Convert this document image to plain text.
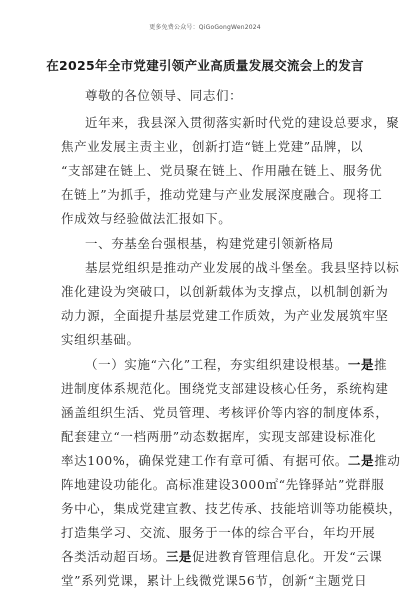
更多免费公众号：QiGoGongWen2024
在2025年全市党建引领产业高质量发展交流会上的发言
尊敬的各位领导、同志们：
近年来，我县深入贯彻落实新时代党的建设总要求，聚
焦产业发展主责主业，创新打造“链上党建”品牌，以
“支部建在链上、党员聚在链上、作用融在链上、服务优
在链上”为抓手，推动党建与产业发展深度融合。现将工
作成效与经验做法汇报如下。
一、夯基垒台强根基，构建党建引领新格局
基层党组织是推动产业发展的战斗堡垒。我县坚持以标
准化建设为突破口，以创新载体为支撑点，以机制创新为
动力源，全面提升基层党建工作质效，为产业发展筑牢坚
实组织基础。
（一）实施“六化”工程，夯实组织建设根基。一是推
进制度体系规范化。围绕党支部建设核心任务，系统构建
涵盖组织生活、党员管理、考核评价等内容的制度体系，
配套建立“一档两册”动态数据库，实现支部建设标准化
率达100%，确保党建工作有章可循、有据可依。二是推动
阵地建设功能化。高标准建设3000㎡“先锋驿站”党群服
务中心，集成党建宣教、技艺传承、技能培训等功能模块，
打造集学习、交流、服务于一体的综合平台，年均开展
各类活动超百场。三是促进教育管理信息化。开发“云课
堂”系列党课，累计上线微党课56节，创新“主题党日
